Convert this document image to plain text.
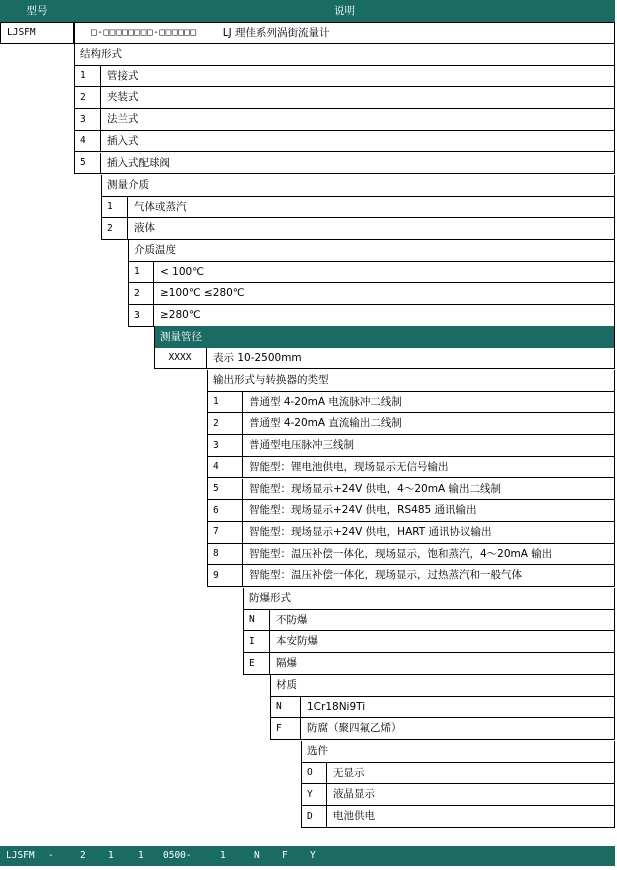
型号	说明
LJSFM	□-□□□□□□□□-□□□□□□ LJ 理佳系列涡街流量计
结构形式
1	管接式
2	夹装式
3	法兰式
4	插入式
5	插入式配球阀
测量介质
1	气体或蒸汽
2	液体
介质温度
1	< 100℃
2	≥100℃ ≤280℃
3	≥280℃
测量管径
XXXX	表示 10-2500mm
输出形式与转换器的类型
1	普通型 4-20mA 电流脉冲二线制
2	普通型 4-20mA 直流输出二线制
3	普通型电压脉冲三线制
4	智能型：锂电池供电，现场显示无信号输出
5	智能型：现场显示+24V 供电，4～20mA 输出二线制
6	智能型：现场显示+24V 供电，RS485 通讯输出
7	智能型：现场显示+24V 供电，HART 通讯协议输出
8	智能型：温压补偿一体化，现场显示，饱和蒸汽，4～20mA 输出
9	智能型：温压补偿一体化，现场显示，过热蒸汽和一般气体
防爆形式
N	不防爆
I	本安防爆
E	隔爆
材质
N	1Cr18Ni9Ti
F	防腐（聚四氟乙烯）
选件
O	无显示
Y	液晶显示
D	电池供电
LJSFM -	2 1	1 0500-	1	N F Y
